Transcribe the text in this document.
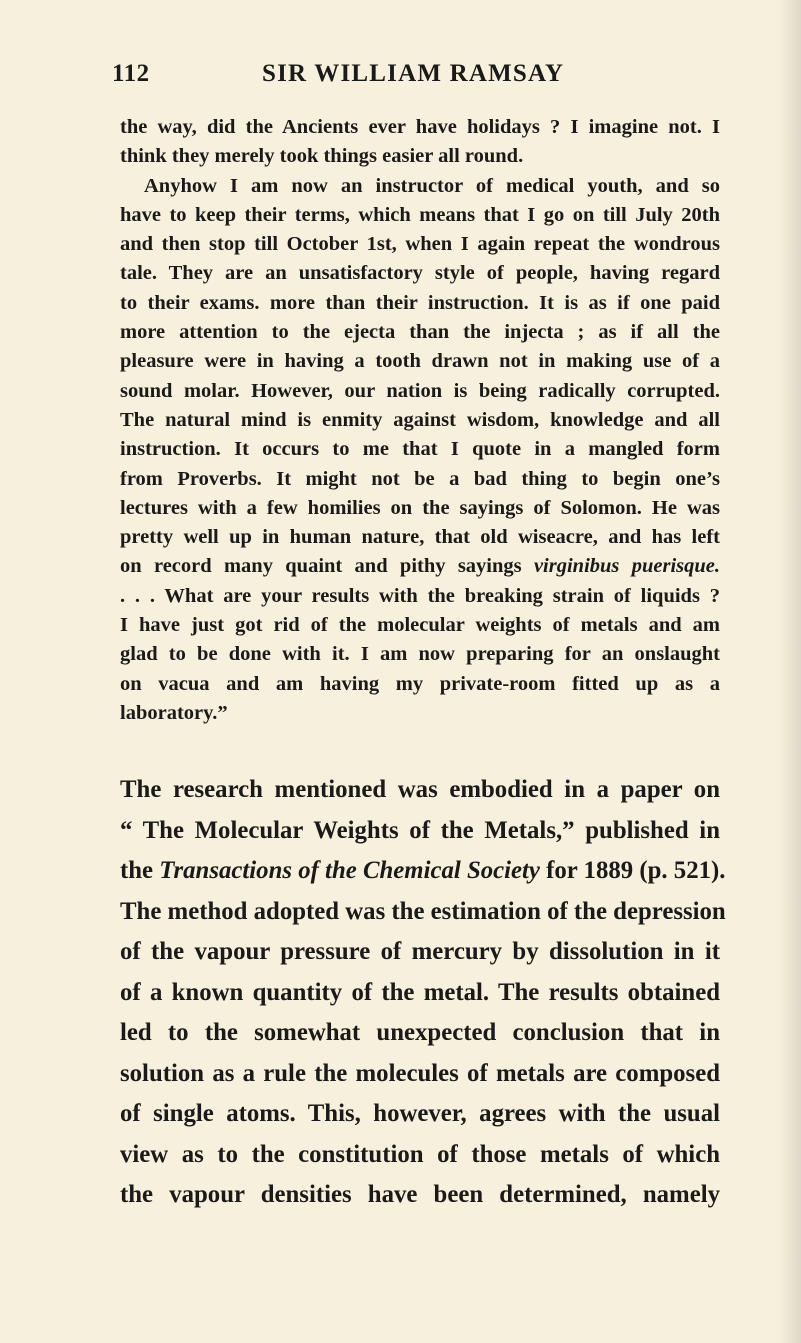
112	SIR WILLIAM RAMSAY
the way, did the Ancients ever have holidays ? I imagine not. I
think they merely took things easier all round.
Anyhow I am now an instructor of medical youth, and so
have to keep their terms, which means that I go on till July 20th
and then stop till October 1st, when I again repeat the wondrous
tale. They are an unsatisfactory style of people, having regard
to their exams. more than their instruction. It is as if one paid
more attention to the ejecta than the injecta ; as if all the
pleasure were in having a tooth drawn not in making use of a
sound molar. However, our nation is being radically corrupted.
The natural mind is enmity against wisdom, knowledge and all
instruction. It occurs to me that I quote in a mangled form
from Proverbs. It might not be a bad thing to begin one’s
lectures with a few homilies on the sayings of Solomon. He was
pretty well up in human nature, that old wiseacre, and has left
on record many quaint and pithy sayings virginibus puerisque.
. . . What are your results with the breaking strain of liquids ?
I have just got rid of the molecular weights of metals and am
glad to be done with it. I am now preparing for an onslaught
on vacua and am having my private-room fitted up as a
laboratory.”
The research mentioned was embodied in a paper on
“ The Molecular Weights of the Metals,” published in
the Transactions of the Chemical Society for 1889 (p. 521).
The method adopted was the estimation of the depression
of the vapour pressure of mercury by dissolution in it
of a known quantity of the metal. The results obtained
led to the somewhat unexpected conclusion that in
solution as a rule the molecules of metals are composed
of single atoms. This, however, agrees with the usual
view as to the constitution of those metals of which
the vapour densities have been determined, namely
